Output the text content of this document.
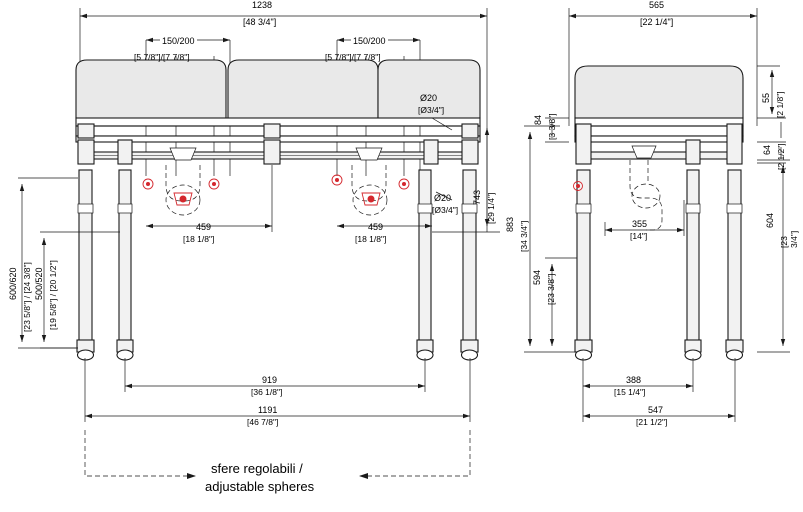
1238
[48 3/4"]
150/200
[5 7/8"]/[7 7/8"]
150/200
[5 7/8"]/[7 7/8"]
Ø20
[Ø3/4"]
Ø20
[Ø3/4"]
459
[18 1/8"]
459
[18 1/8"]
743 [29 1/4"]
600/620 [23 5/8"] / [24 3/8"] 500/520 [19 5/8"] / [20 1/2"]
919
[36 1/8"]
1191
[46 7/8"]
sfere regolabili /
adjustable spheres
565
[22 1/4"]
55 [2 1/8"]
84 [3 3/8"]
64 [2 1/2"]
883 [34 3/4"]
594 [23 3/8"]
604
[23 3/4"]
355
[14"]
388
[15 1/4"]
547
[21 1/2"]
